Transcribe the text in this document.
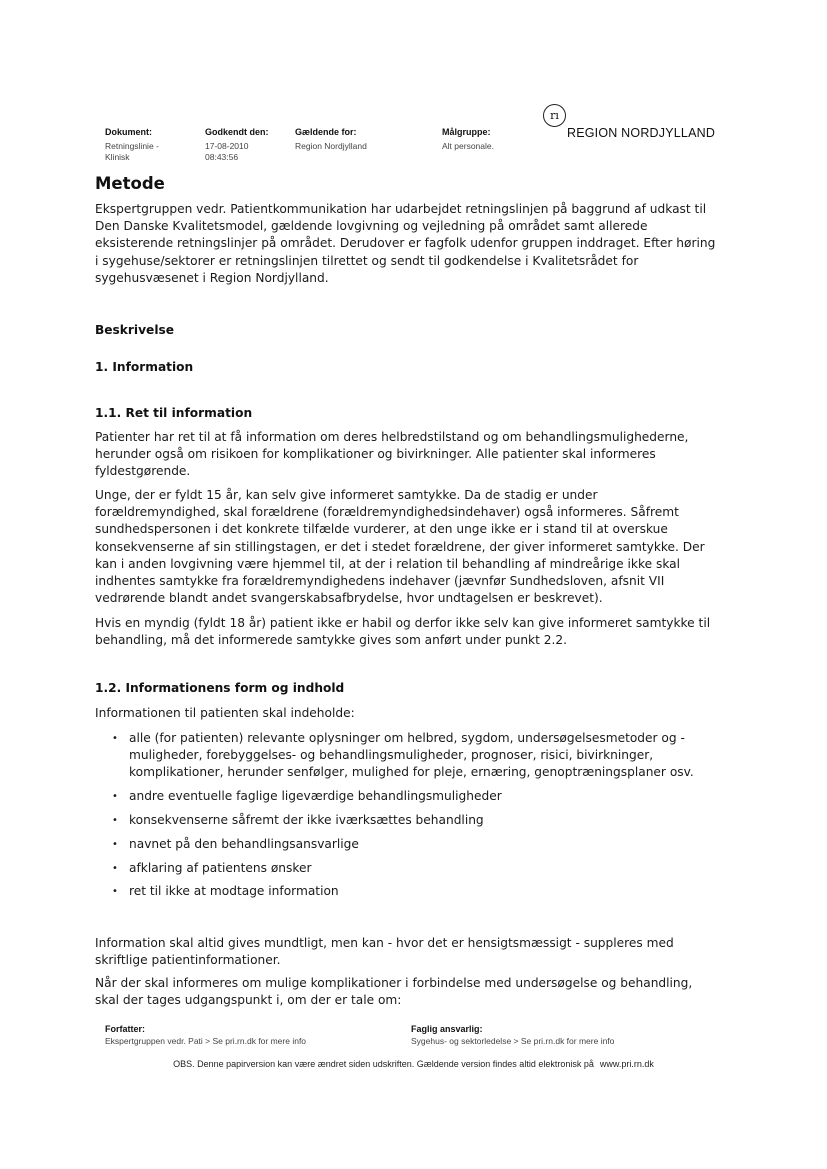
Dokument:
Retningslinie -
Klinisk
Godkendt den:
17-08-2010
08:43:56
Gældende for:
Region Nordjylland
Målgruppe:
Alt personale.
rı
REGION NORDJYLLAND
Metode

Ekspertgruppen vedr. Patientkommunikation har udarbejdet retningslinjen på baggrund af udkast til Den Danske Kvalitetsmodel, gældende lovgivning og vejledning på området samt allerede eksisterende retningslinjer på området. Derudover er fagfolk udenfor gruppen inddraget. Efter høring i sygehuse/sektorer er retningslinjen tilrettet og sendt til godkendelse i Kvalitetsrådet for sygehusvæsenet i Region Nordjylland.

Beskrivelse
1. Information
1.1. Ret til information

Patienter har ret til at få information om deres helbredstilstand og om behandlingsmulighederne, herunder også om risikoen for komplikationer og bivirkninger. Alle patienter skal informeres fyldestgørende.

Unge, der er fyldt 15 år, kan selv give informeret samtykke. Da de stadig er under forældremyndighed, skal forældrene (forældremyndighedsindehaver) også informeres. Såfremt sundhedspersonen i det konkrete tilfælde vurderer, at den unge ikke er i stand til at overskue konsekvenserne af sin stillingstagen, er det i stedet forældrene, der giver informeret samtykke. Der kan i anden lovgivning være hjemmel til, at der i relation til behandling af mindreårige ikke skal indhentes samtykke fra forældremyndighedens indehaver (jævnfør Sundhedsloven, afsnit VII vedrørende blandt andet svangerskabsafbrydelse, hvor undtagelsen er beskrevet).

Hvis en myndig (fyldt 18 år) patient ikke er habil og derfor ikke selv kan give informeret samtykke til behandling, må det informerede samtykke gives som anført under punkt 2.2.

1.2. Informationens form og indhold

Informationen til patienten skal indeholde:

• alle (for patienten) relevante oplysninger om helbred, sygdom, undersøgelsesmetoder og -muligheder, forebyggelses- og behandlingsmuligheder, prognoser, risici, bivirkninger, komplikationer, herunder senfølger, mulighed for pleje, ernæring, genoptræningsplaner osv.
• andre eventuelle faglige ligeværdige behandlingsmuligheder
• konsekvenserne såfremt der ikke iværksættes behandling
• navnet på den behandlingsansvarlige
• afklaring af patientens ønsker
• ret til ikke at modtage information

Information skal altid gives mundtligt, men kan - hvor det er hensigtsmæssigt - suppleres med skriftlige patientinformationer.

Når der skal informeres om mulige komplikationer i forbindelse med undersøgelse og behandling, skal der tages udgangspunkt i, om der er tale om:

Forfatter:
Ekspertgruppen vedr. Pati > Se pri.rn.dk for mere info
Faglig ansvarlig:
Sygehus- og sektorledelse > Se pri.rn.dk for mere info
OBS. Denne papirversion kan være ændret siden udskriften. Gældende version findes altid elektronisk på www.pri.rn.dk
